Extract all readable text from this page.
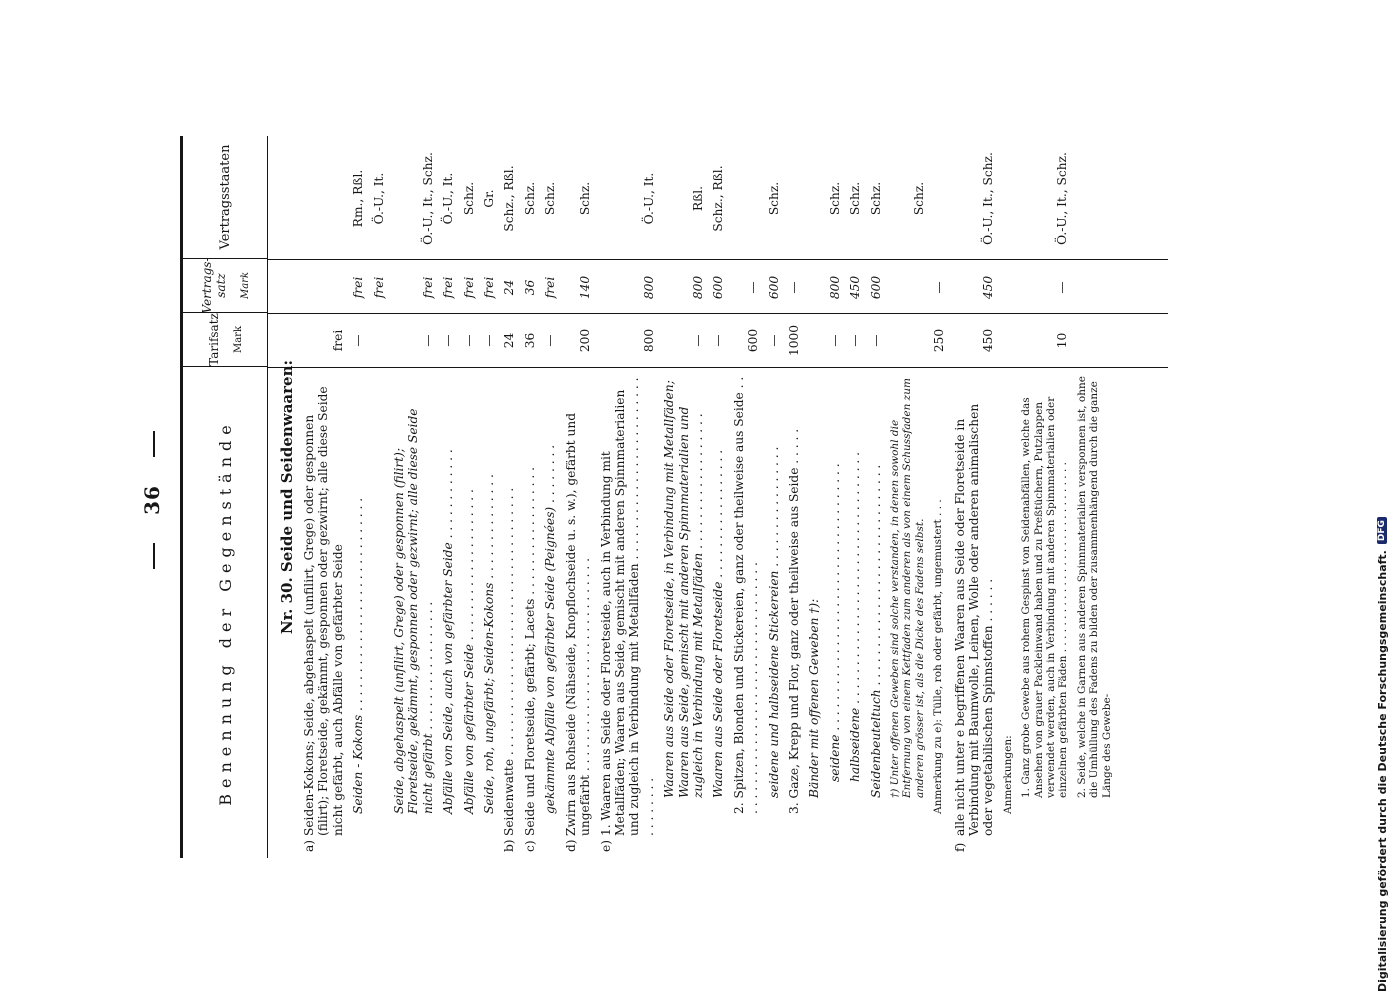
36	Benennung der Gegenstände
Tarifsatz Mark
Vertrags-satz Mark
Vertragsstaaten
Nr. 30. Seide und Seidenwaaren:
a)
Seiden-Kokons; Seide, abgehaspelt (unfilirt, Grege) oder gesponnen (filirt); Floretseide, gekämmt, gesponnen oder gezwirnt; alle diese Seide nicht gefärbt, auch Abfälle von gefärbter Seide
frei
Seiden - Kokons . . . . . . . . . . . . . . . . . . . . . . . . . . . .
—
frei
Rm., Rßl.
frei
Ö.-U., It.
Seide, abgehaspelt (unfilirt, Grege) oder gesponnen (filirt); Floretseide, gekämmt, gesponnen oder gezwirnt; alle diese Seide nicht gefärbt . . . . . . . . . . . . . . . . .
—
frei
Ö.-U., It., Schz.
Abfälle von Seide, auch von gefärbter Seide . . . . . . . . . . . .
—
frei
Ö.-U., It.
Abfälle von gefärbter Seide . . . . . . . . . . . . . . . . . . . .
—
frei
Schz.
Seide, roh, ungefärbt; Seiden-Kokons . . . . . . . . . . . . . .
—
frei
Gr.
b)
Seidenwatte . . . . . . . . . . . . . . . . . . . . . . . . . . . . . . . . . . .
24
24
Schz., Rßl.
c)
Seide und Floretseide, gefärbt; Lacets . . . . . . . . . . . . . . . . .
36
36
Schz.
gekämmte Abfälle von gefärbter Seide (Peignées) . . . . . . . .
—
frei
Schz.
d)
Zwirn aus Rohseide (Nähseide, Knopflochseide u. s. w.), gefärbt und ungefärbt . . . . . . . . . . . . . . . . . . . . . . . . . . . .
200
140
Schz.
e)
1. Waaren aus Seide oder Floretseide, auch in Verbindung mit Metallfäden; Waaren aus Seide, gemischt mit anderen Spinnmaterialien und zugleich in Verbindung mit Metallfäden . . . . . . . . . . . . . . . . . . . . . . . . . . . . . . . .
800
800
Ö.-U., It.
Waaren aus Seide oder Floretseide, in Verbindung mit Metallfäden; Waaren aus Seide, gemischt mit anderen Spinnmaterialien und zugleich in Verbindung mit Metallfäden . . . . . . . . . . . . . . . . . .
—
800
Rßl.
Waaren aus Seide oder Floretseide . . . . . . . . . . . . . . . . .
—
600
Schz., Rßl.
2. Spitzen, Blonden und Stickereien, ganz oder theilweise aus Seide . . . . . . . . . . . . . . . . . . . . . . . . . . . . . . . . . . .
600
—
seidene und halbseidene Stickereien . . . . . . . . . . . . . . . .
—
600
Schz.
3. Gaze, Krepp und Flor, ganz oder theilweise aus Seide . . . . .
1000
—
Bänder mit offenen Geweben †): seidene . . . . . . . . . . . . . . . . . . . . . . . . . . . . . . . . . . .
—
800
Schz.
halbseidene . . . . . . . . . . . . . . . . . . . . . . . . . . . . . . . . .
—
450
Schz.
Seidenbeuteltuch . . . . . . . . . . . . . . . . . . . . . . . . . . . . .
—
600
Schz.
†) Unter offenen Geweben sind solche verstanden, in denen sowohl die Entfernung von einem Kettfaden zum anderen als von einem Schussfaden zum anderen grösser ist, als die Dicke des Fadens selbst.
Schz.
Anmerkung zu e): Tülle, roh oder gefärbt, ungemustert . . .
250
—
f)
alle nicht unter e begriffenen Waaren aus Seide oder Floretseide in Verbindung mit Baumwolle, Leinen, Wolle oder anderen animalischen oder vegetabilischen Spinnstoffen . . . . . .
450
450
Ö.-U., It., Schz.
Anmerkungen: 1. Ganz grobe Gewebe aus rohem Gespinst von Seidenabfällen, welche das Ansehen von grauer Packleinwand haben und zu Preßtüchern, Putzlappen verwendet werden, auch in Verbindung mit anderen Spinnmaterialien oder einzelnen gefärbten Fäden . . . . . . . . . . . . . . . . . . . . . . . . . . . . .
10
—
Ö.-U., It., Schz.
2. Seide, welche in Garnen aus anderen Spinnmaterialien versponnen ist, ohne die Umhüllung des Fadens zu bilden oder zusammenhängend durch die ganze Länge des Gewebe-	Digitalisierung gefördert durch die Deutsche Forschungsgemeinschaft.
DFG
